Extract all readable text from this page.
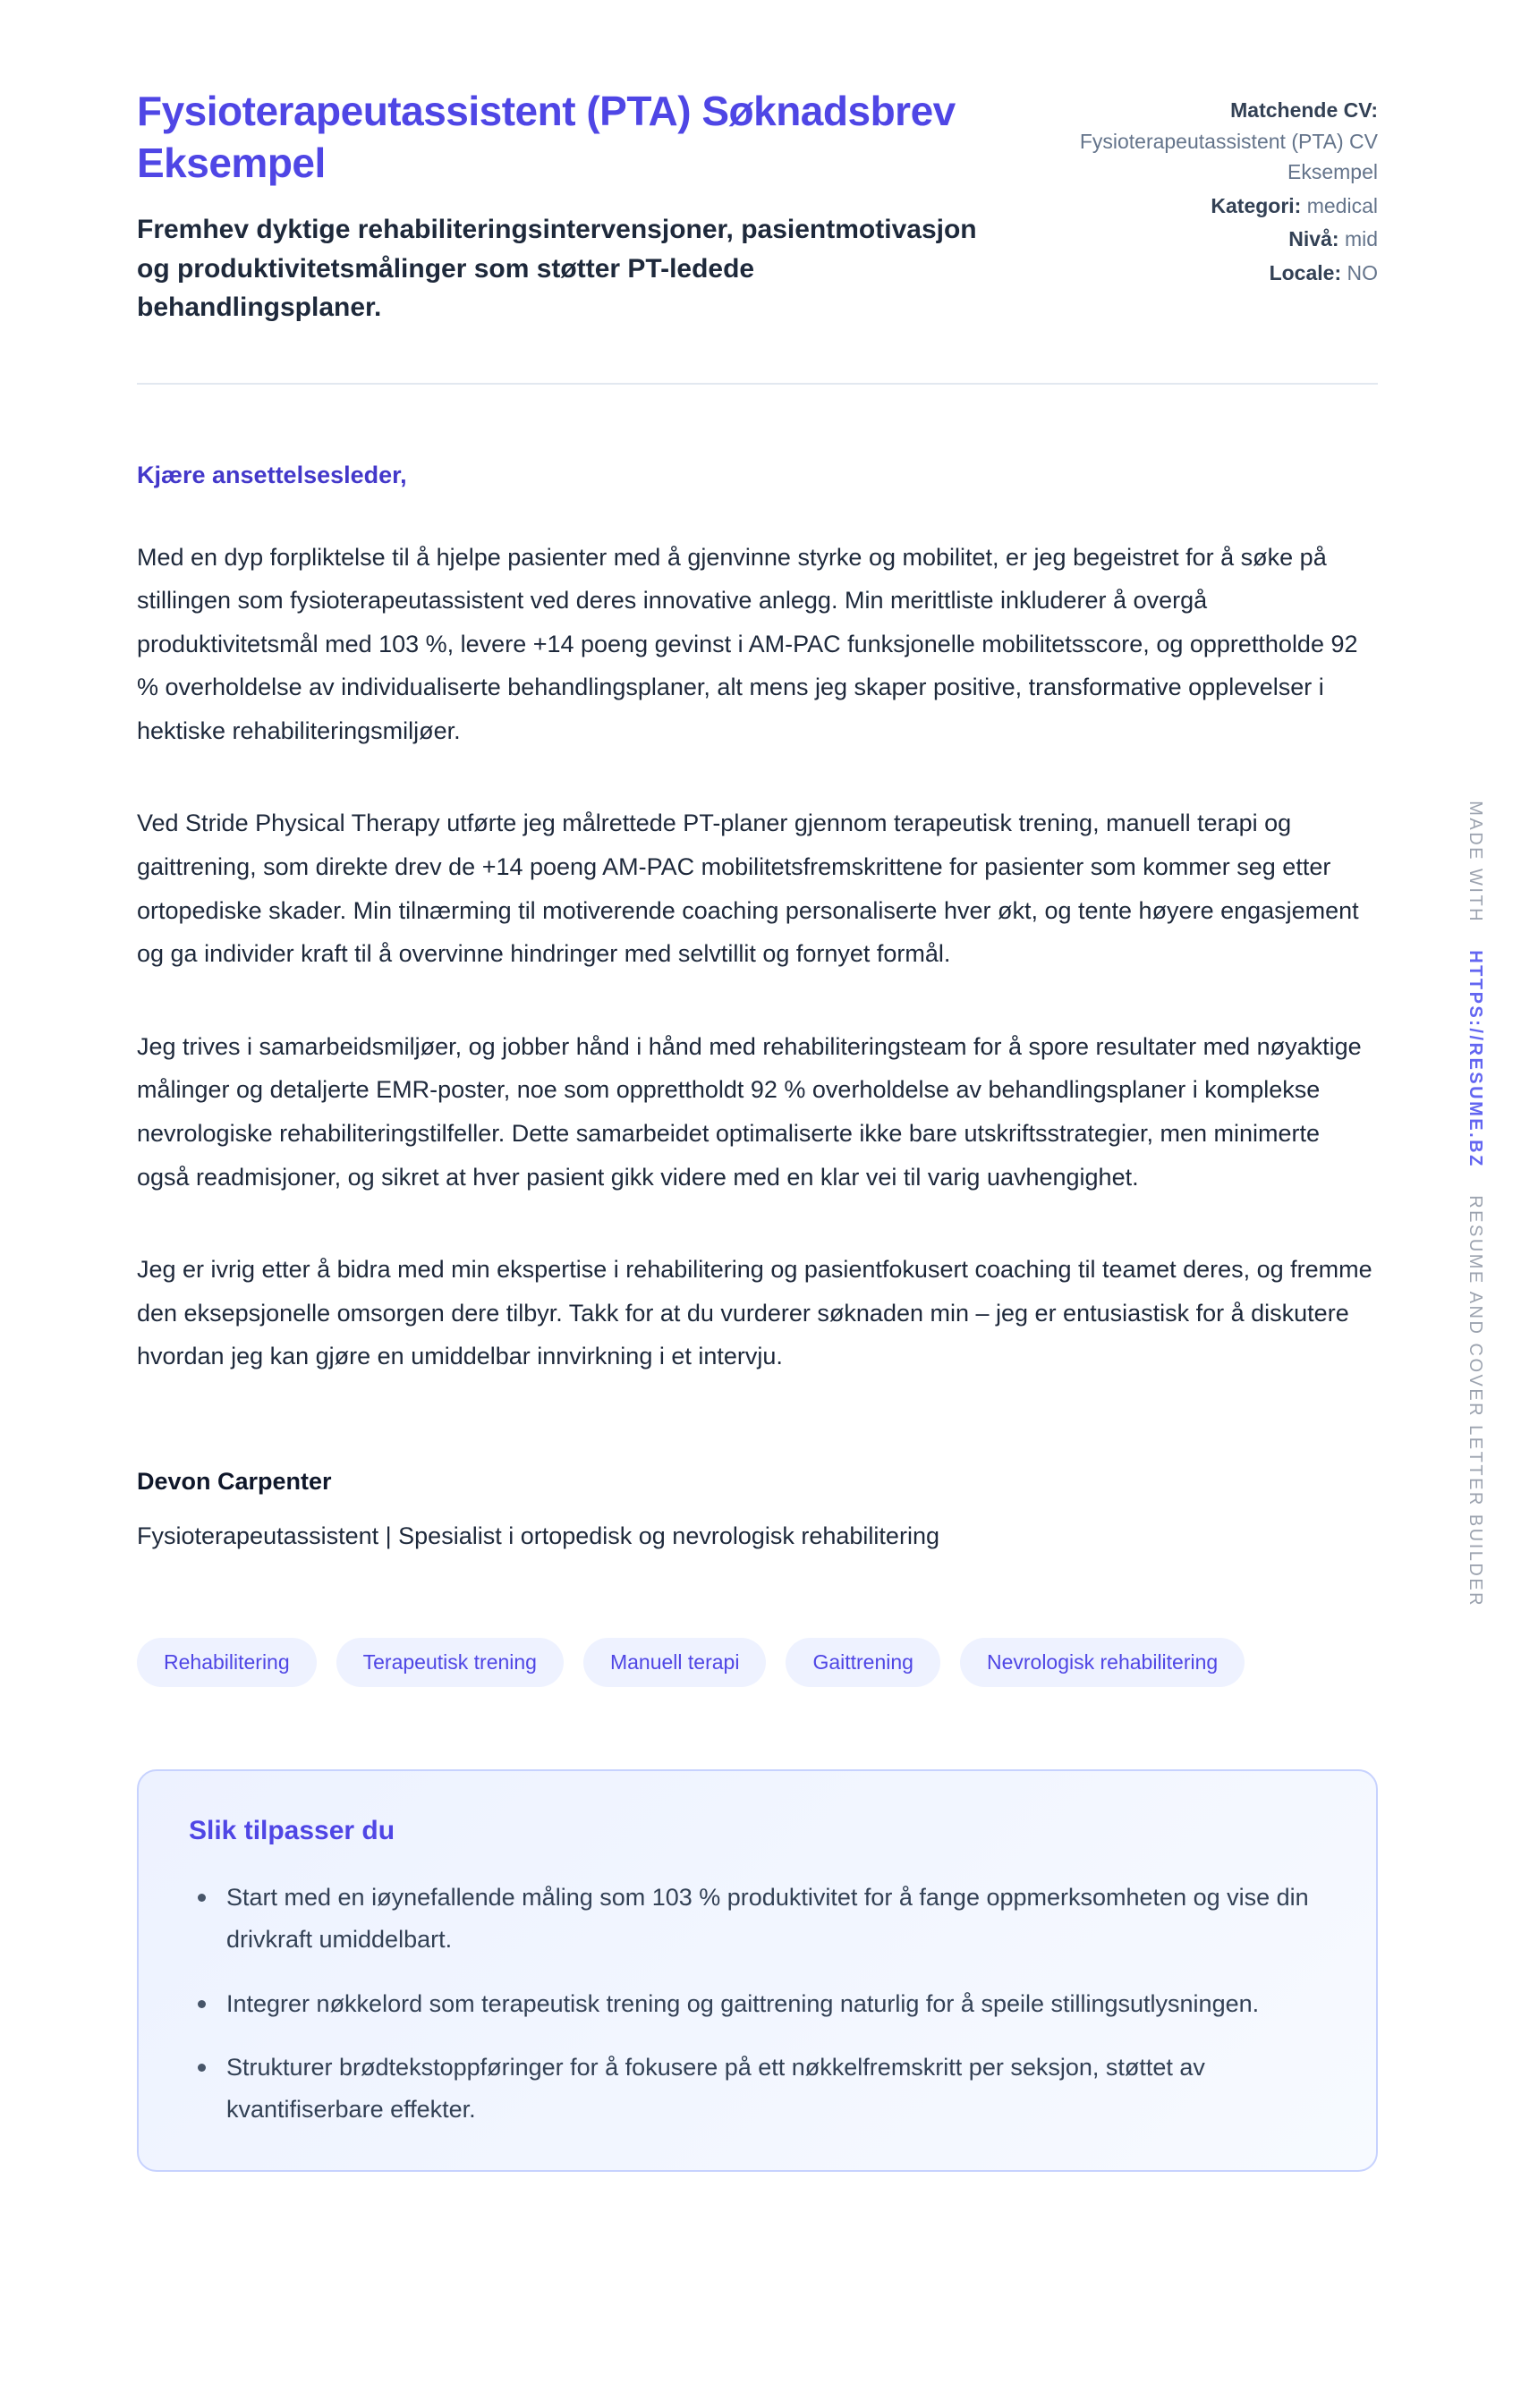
Fysioterapeutassistent (PTA) Søknadsbrev Eksempel
Fremhev dyktige rehabiliteringsintervensjoner, pasientmotivasjon og produktivitetsmålinger som støtter PT-ledede behandlingsplaner.
Matchende CV: Fysioterapeutassistent (PTA) CV Eksempel
Kategori: medical
Nivå: mid
Locale: NO

Kjære ansettelsesleder,

Med en dyp forpliktelse til å hjelpe pasienter med å gjenvinne styrke og mobilitet, er jeg begeistret for å søke på stillingen som fysioterapeutassistent ved deres innovative anlegg. Min merittliste inkluderer å overgå produktivitetsmål med 103 %, levere +14 poeng gevinst i AM-PAC funksjonelle mobilitetsscore, og opprettholde 92 % overholdelse av individualiserte behandlingsplaner, alt mens jeg skaper positive, transformative opplevelser i hektiske rehabiliteringsmiljøer.

Ved Stride Physical Therapy utførte jeg målrettede PT-planer gjennom terapeutisk trening, manuell terapi og gaittrening, som direkte drev de +14 poeng AM-PAC mobilitetsfremskrittene for pasienter som kommer seg etter ortopediske skader. Min tilnærming til motiverende coaching personaliserte hver økt, og tente høyere engasjement og ga individer kraft til å overvinne hindringer med selvtillit og fornyet formål.

Jeg trives i samarbeidsmiljøer, og jobber hånd i hånd med rehabiliteringsteam for å spore resultater med nøyaktige målinger og detaljerte EMR-poster, noe som opprettholdt 92 % overholdelse av behandlingsplaner i komplekse nevrologiske rehabiliteringstilfeller. Dette samarbeidet optimaliserte ikke bare utskriftsstrategier, men minimerte også readmisjoner, og sikret at hver pasient gikk videre med en klar vei til varig uavhengighet.

Jeg er ivrig etter å bidra med min ekspertise i rehabilitering og pasientfokusert coaching til teamet deres, og fremme den eksepsjonelle omsorgen dere tilbyr. Takk for at du vurderer søknaden min – jeg er entusiastisk for å diskutere hvordan jeg kan gjøre en umiddelbar innvirkning i et intervju.

Devon Carpenter

Fysioterapeutassistent | Spesialist i ortopedisk og nevrologisk rehabilitering

Rehabilitering	Terapeutisk trening	Manuell terapi	Gaittrening	Nevrologisk rehabilitering
Slik tilpasser du
Start med en iøynefallende måling som 103 % produktivitet for å fange oppmerksomheten og vise din drivkraft umiddelbart.
Integrer nøkkelord som terapeutisk trening og gaittrening naturlig for å speile stillingsutlysningen.
Strukturer brødtekstoppføringer for å fokusere på ett nøkkelfremskritt per seksjon, støttet av kvantifiserbare effekter.
MADE WITH HTTPS://RESUME.BZ RESUME AND COVER LETTER BUILDER
